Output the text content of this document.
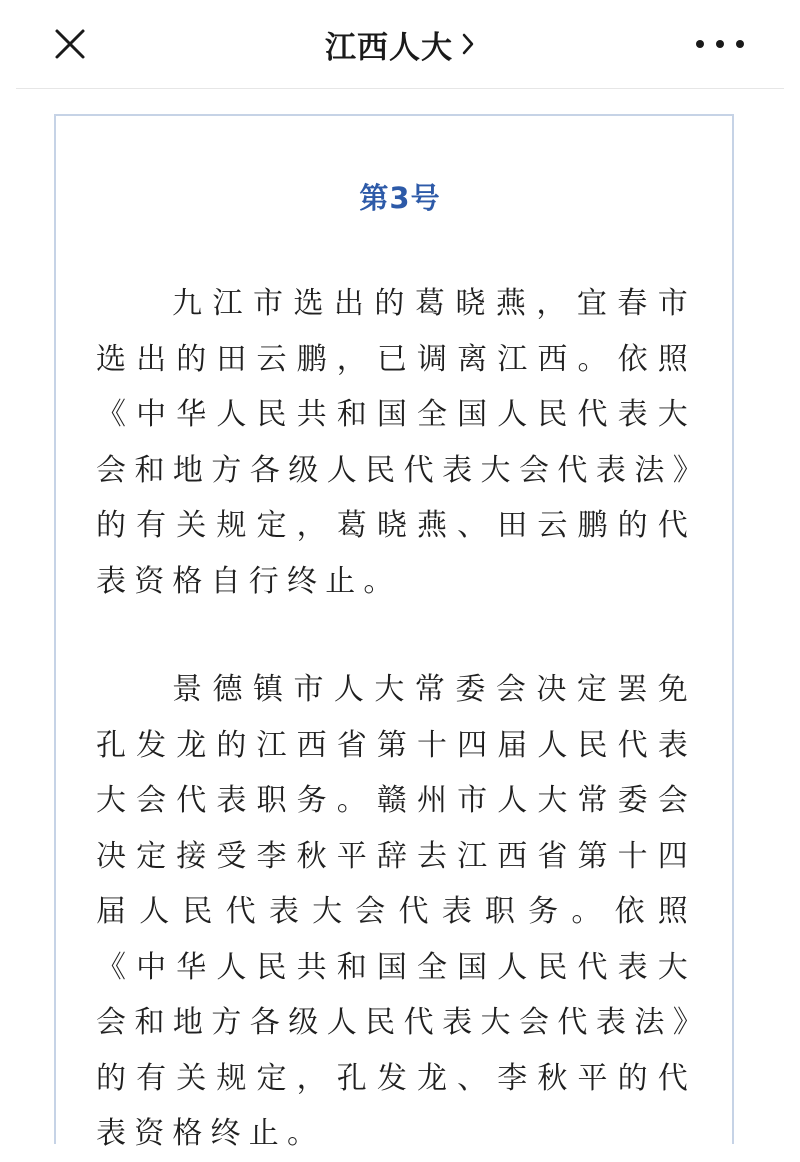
江西人大
第3号

九江市选出的葛晓燕，宜春市选出的田云鹏，已调离江西。依照《中华人民共和国全国人民代表大会和地方各级人民代表大会代表法》的有关规定，葛晓燕、田云鹏的代表资格自行终止。

景德镇市人大常委会决定罢免孔发龙的江西省第十四届人民代表大会代表职务。赣州市人大常委会决定接受李秋平辞去江西省第十四届人民代表大会代表职务。依照《中华人民共和国全国人民代表大会和地方各级人民代表大会代表法》的有关规定，孔发龙、李秋平的代表资格终止。
